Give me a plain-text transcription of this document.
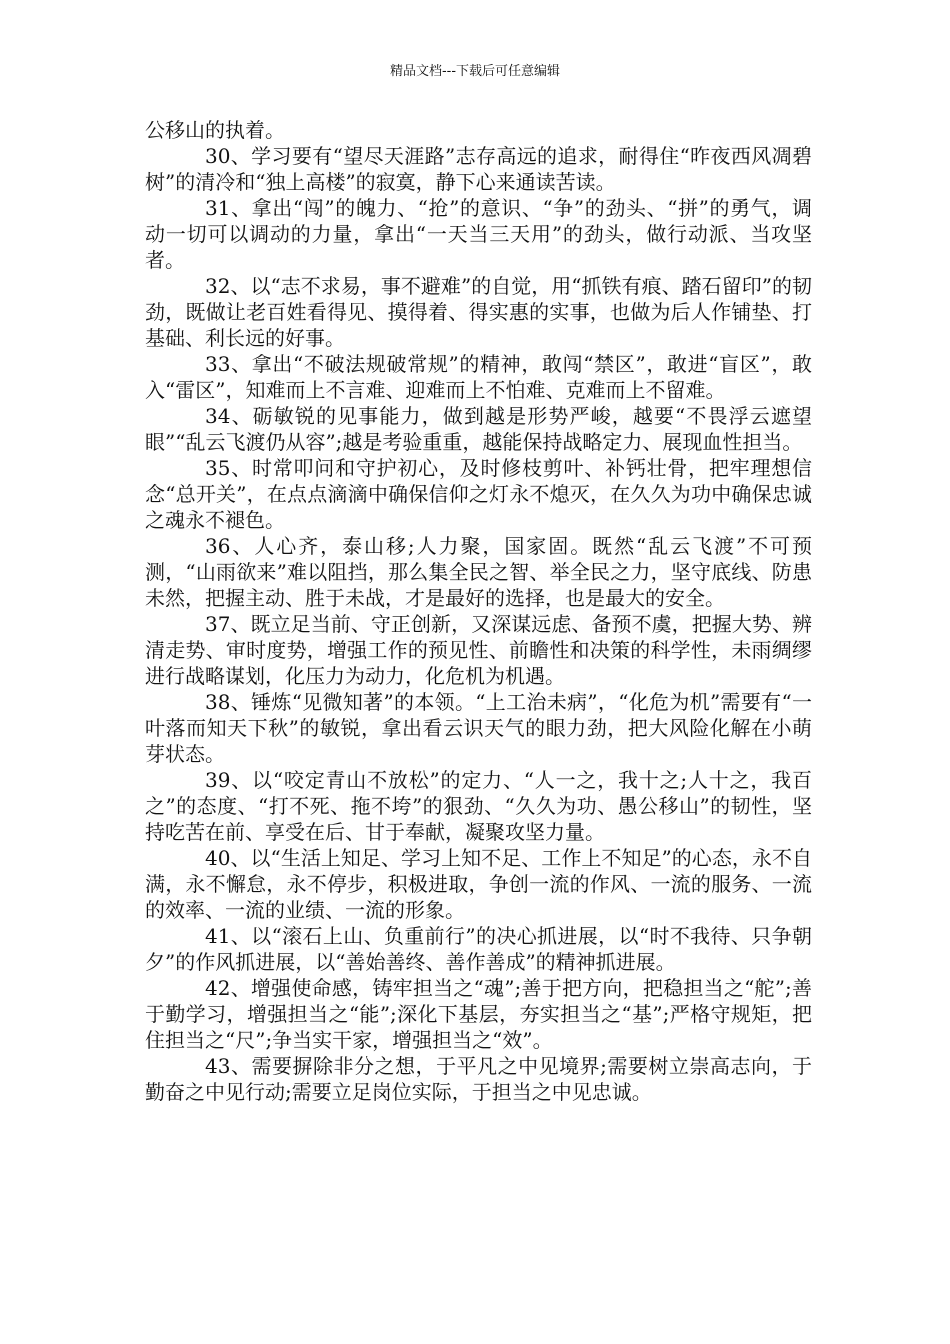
精品文档---下载后可任意编辑

公移山的执着。

30、学习要有“望尽天涯路”志存高远的追求，耐得住“昨夜西风凋碧树”的清冷和“独上高楼”的寂寞，静下心来通读苦读。

31、拿出“闯”的魄力、“抢”的意识、“争”的劲头、“拼”的勇气，调动一切可以调动的力量，拿出“一天当三天用”的劲头，做行动派、当攻坚者。

32、以“志不求易，事不避难”的自觉，用“抓铁有痕、踏石留印”的韧劲，既做让老百姓看得见、摸得着、得实惠的实事，也做为后人作铺垫、打基础、利长远的好事。

33、拿出“不破法规破常规”的精神，敢闯“禁区”，敢进“盲区”，敢入“雷区”，知难而上不言难、迎难而上不怕难、克难而上不留难。

34、砺敏锐的见事能力，做到越是形势严峻，越要“不畏浮云遮望眼”“乱云飞渡仍从容”;越是考验重重，越能保持战略定力、展现血性担当。

35、时常叩问和守护初心，及时修枝剪叶、补钙壮骨，把牢理想信念“总开关”，在点点滴滴中确保信仰之灯永不熄灭，在久久为功中确保忠诚之魂永不褪色。

36、人心齐，泰山移;人力聚，国家固。既然“乱云飞渡”不可预测，“山雨欲来”难以阻挡，那么集全民之智、举全民之力，坚守底线、防患未然，把握主动、胜于未战，才是最好的选择，也是最大的安全。

37、既立足当前、守正创新，又深谋远虑、备预不虞，把握大势、辨清走势、审时度势，增强工作的预见性、前瞻性和决策的科学性，未雨绸缪进行战略谋划，化压力为动力，化危机为机遇。

38、锤炼“见微知著”的本领。“上工治未病”，“化危为机”需要有“一叶落而知天下秋”的敏锐，拿出看云识天气的眼力劲，把大风险化解在小萌芽状态。

39、以“咬定青山不放松”的定力、“人一之，我十之;人十之，我百之”的态度、“打不死、拖不垮”的狠劲、“久久为功、愚公移山”的韧性，坚持吃苦在前、享受在后、甘于奉献，凝聚攻坚力量。

40、以“生活上知足、学习上知不足、工作上不知足”的心态，永不自满，永不懈怠，永不停步，积极进取，争创一流的作风、一流的服务、一流的效率、一流的业绩、一流的形象。

41、以“滚石上山、负重前行”的决心抓进展，以“时不我待、只争朝夕”的作风抓进展，以“善始善终、善作善成”的精神抓进展。

42、增强使命感，铸牢担当之“魂”;善于把方向，把稳担当之“舵”;善于勤学习，增强担当之“能”;深化下基层，夯实担当之“基”;严格守规矩，把住担当之“尺”;争当实干家，增强担当之“效”。

43、需要摒除非分之想，于平凡之中见境界;需要树立崇高志向，于勤奋之中见行动;需要立足岗位实际，于担当之中见忠诚。
